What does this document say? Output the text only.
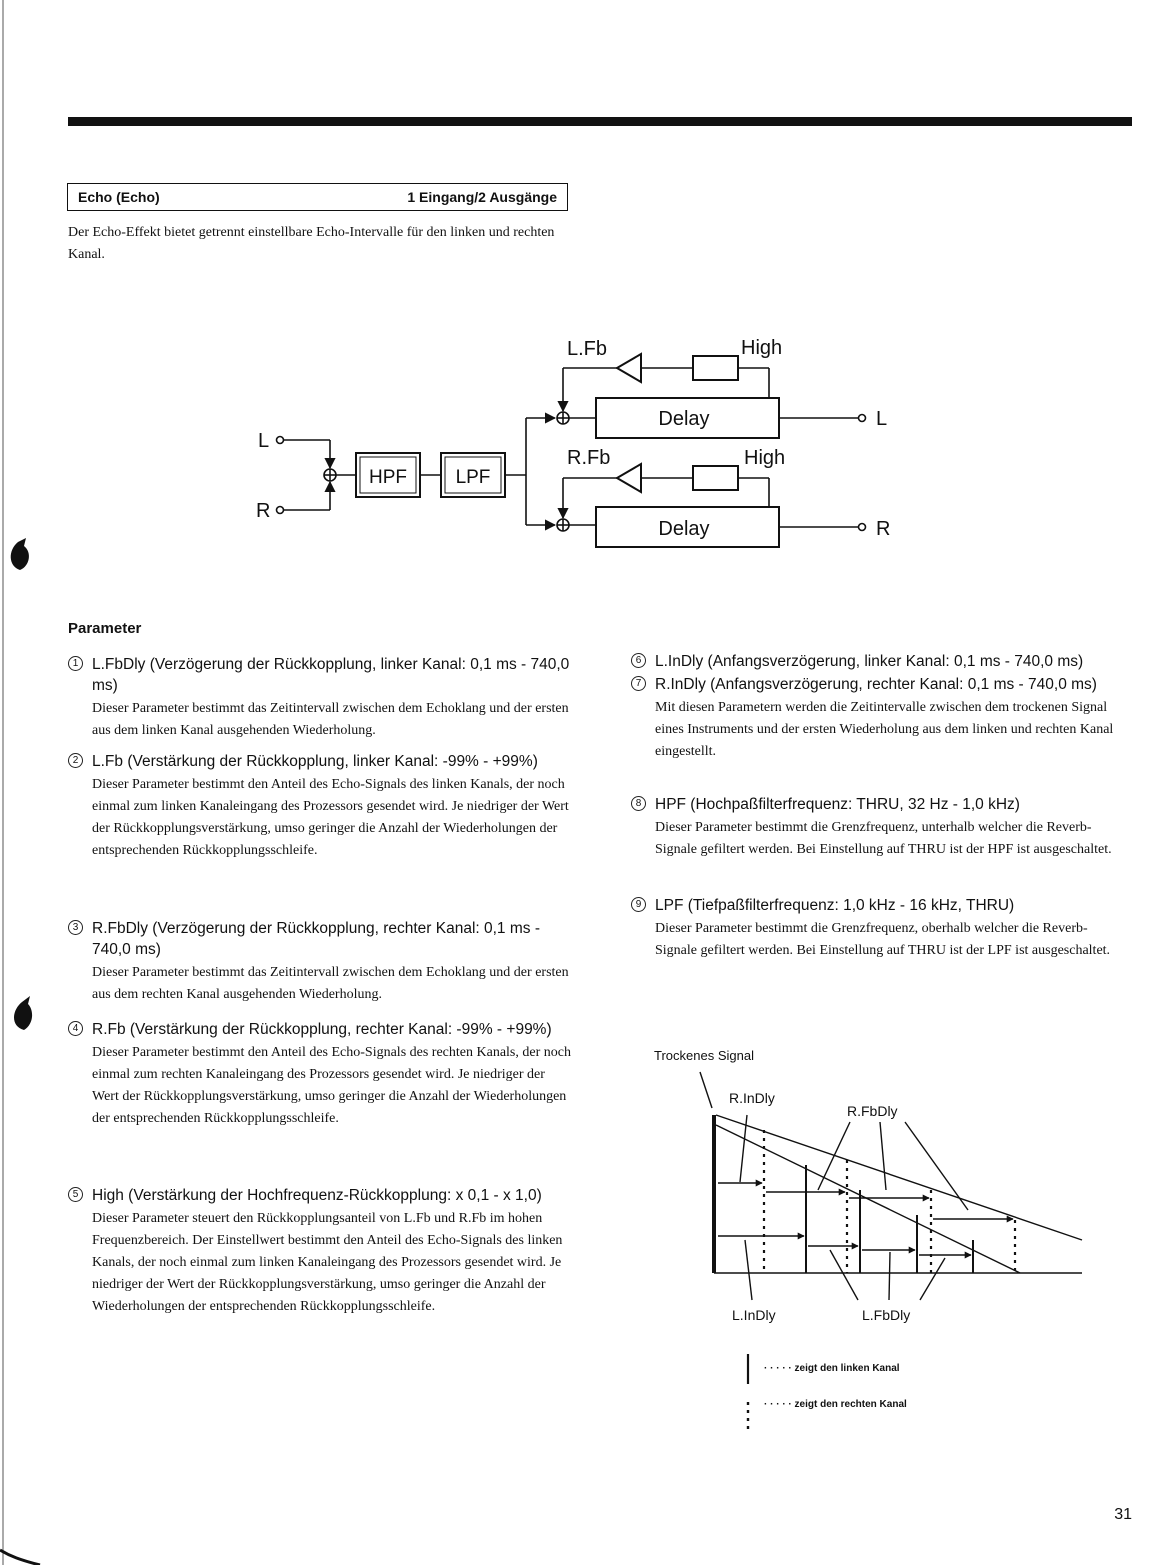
Echo (Echo)	1 Eingang/2 Ausgänge
Der Echo-Effekt bietet getrennt einstellbare Echo-Intervalle für den linken und rechten Kanal.
L
R
HPF	LPF
L.Fb
R.Fb
High
High
Delay
Delay
L
R
Parameter
1 L.FbDly (Verzögerung der Rückkopplung, linker Kanal: 0,1 ms - 740,0 ms)
Dieser Parameter bestimmt das Zeitintervall zwischen dem Echoklang und der ersten aus dem linken Kanal ausgehenden Wiederholung.
2 L.Fb (Verstärkung der Rückkopplung, linker Kanal: -99% - +99%)
Dieser Parameter bestimmt den Anteil des Echo-Signals des linken Kanals, der noch einmal zum linken Kanaleingang des Prozessors gesendet wird. Je niedriger der Wert der Rückkopplungsverstärkung, umso geringer die Anzahl der Wiederholungen der entsprechenden Rückkopplungsschleife.
3 R.FbDly (Verzögerung der Rückkopplung, rechter Kanal: 0,1 ms - 740,0 ms)
Dieser Parameter bestimmt das Zeitintervall zwischen dem Echoklang und der ersten aus dem rechten Kanal ausgehenden Wiederholung.
4 R.Fb (Verstärkung der Rückkopplung, rechter Kanal: -99% - +99%)
Dieser Parameter bestimmt den Anteil des Echo-Signals des rechten Kanals, der noch einmal zum rechten Kanaleingang des Prozessors gesendet wird. Je niedriger der Wert der Rückkopplungsverstärkung, umso geringer die Anzahl der Wiederholungen der entsprechenden Rückkopplungsschleife.
5 High (Verstärkung der Hochfrequenz-Rückkopplung: x 0,1 - x 1,0)
Dieser Parameter steuert den Rückkopplungsanteil von L.Fb und R.Fb im hohen Frequenzbereich. Der Einstellwert bestimmt den Anteil des Echo-Signals des linken Kanals, der noch einmal zum linken Kanaleingang des Prozessors gesendet wird. Je niedriger der Wert der Rückkopplungsverstärkung, umso geringer die Anzahl der Wiederholungen der entsprechenden Rückkopplungsschleife.
6 L.InDly (Anfangsverzögerung, linker Kanal: 0,1 ms - 740,0 ms)
7 R.InDly (Anfangsverzögerung, rechter Kanal: 0,1 ms - 740,0 ms)
Mit diesen Parametern werden die Zeitintervalle zwischen dem trockenen Signal eines Instruments und der ersten Wiederholung aus dem linken und rechten Kanal eingestellt.
8 HPF (Hochpaßfilterfrequenz: THRU, 32 Hz - 1,0 kHz)
Dieser Parameter bestimmt die Grenzfrequenz, unterhalb welcher die Reverb-Signale gefiltert werden. Bei Einstellung auf THRU ist der HPF ist ausgeschaltet.
9 LPF (Tiefpaßfilterfrequenz: 1,0 kHz - 16 kHz, THRU)
Dieser Parameter bestimmt die Grenzfrequenz, oberhalb welcher die Reverb-Signale gefiltert werden. Bei Einstellung auf THRU ist der LPF ist ausgeschaltet.
Trockenes Signal
R.InDly
R.FbDly
L.InDly	L.FbDly
· · · · · zeigt den linken Kanal
· · · · · zeigt den rechten Kanal
31
